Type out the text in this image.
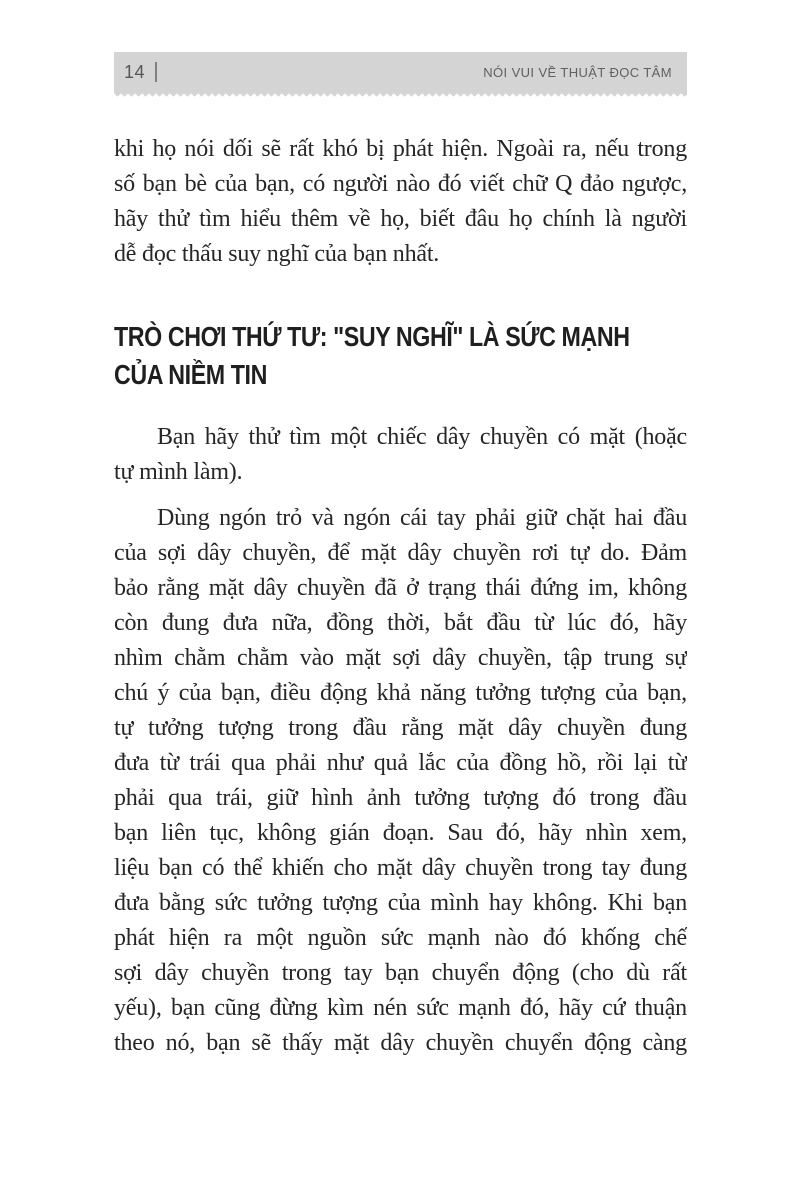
14	NÓI VUI VỀ THUẬT ĐỌC TÂM
khi họ nói dối sẽ rất khó bị phát hiện. Ngoài ra, nếu trong
số bạn bè của bạn, có người nào đó viết chữ Q đảo ngược,
hãy thử tìm hiểu thêm về họ, biết đâu họ chính là người
dễ đọc thấu suy nghĩ của bạn nhất.
TRÒ CHƠI THỨ TƯ: "SUY NGHĨ" LÀ SỨC MẠNH
CỦA NIỀM TIN
Bạn hãy thử tìm một chiếc dây chuyền có mặt (hoặc
tự mình làm).
Dùng ngón trỏ và ngón cái tay phải giữ chặt hai đầu
của sợi dây chuyền, để mặt dây chuyền rơi tự do. Đảm
bảo rằng mặt dây chuyền đã ở trạng thái đứng im, không
còn đung đưa nữa, đồng thời, bắt đầu từ lúc đó, hãy
nhìm chằm chằm vào mặt sợi dây chuyền, tập trung sự
chú ý của bạn, điều động khả năng tưởng tượng của bạn,
tự tưởng tượng trong đầu rằng mặt dây chuyền đung
đưa từ trái qua phải như quả lắc của đồng hồ, rồi lại từ
phải qua trái, giữ hình ảnh tưởng tượng đó trong đầu
bạn liên tục, không gián đoạn. Sau đó, hãy nhìn xem,
liệu bạn có thể khiến cho mặt dây chuyền trong tay đung
đưa bằng sức tưởng tượng của mình hay không. Khi bạn
phát hiện ra một nguồn sức mạnh nào đó khống chế
sợi dây chuyền trong tay bạn chuyển động (cho dù rất
yếu), bạn cũng đừng kìm nén sức mạnh đó, hãy cứ thuận
theo nó, bạn sẽ thấy mặt dây chuyền chuyển động càng
